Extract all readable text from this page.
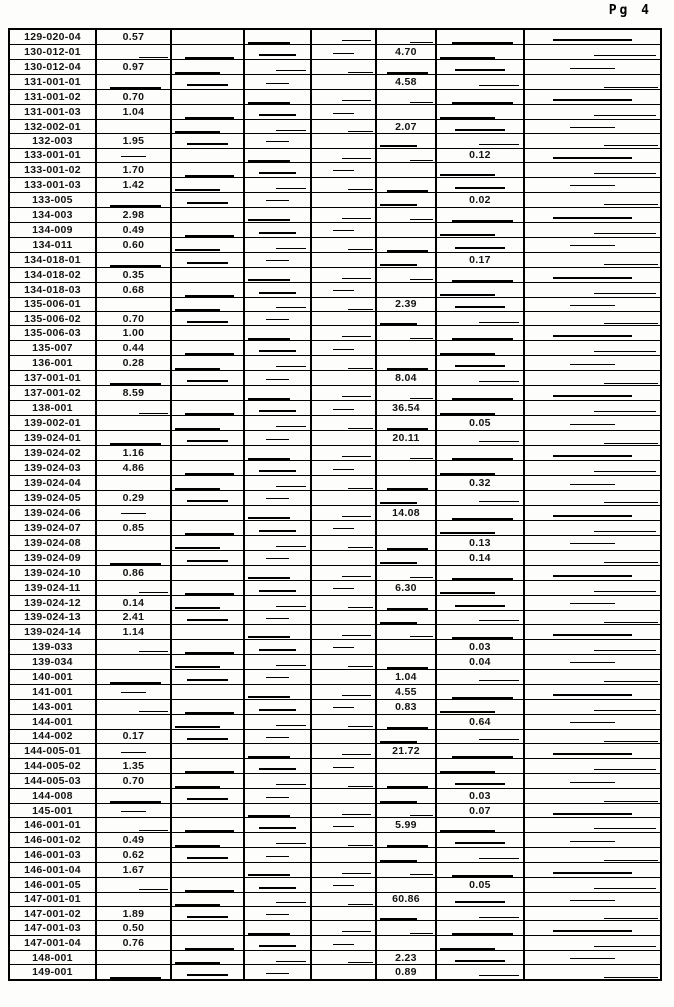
Pg 4
129-020-04	0.57						
130-012-01					4.70		
130-012-04	0.97						
131-001-01					4.58		
131-001-02	0.70						
131-001-03	1.04						
132-002-01					2.07		
132-003	1.95						
133-001-01						0.12	
133-001-02	1.70						
133-001-03	1.42						
133-005						0.02	
134-003	2.98						
134-009	0.49						
134-011	0.60						
134-018-01						0.17	
134-018-02	0.35						
134-018-03	0.68						
135-006-01					2.39		
135-006-02	0.70						
135-006-03	1.00						
135-007	0.44						
136-001	0.28						
137-001-01					8.04		
137-001-02	8.59						
138-001					36.54		
139-002-01						0.05	
139-024-01					20.11		
139-024-02	1.16						
139-024-03	4.86						
139-024-04						0.32	
139-024-05	0.29						
139-024-06					14.08		
139-024-07	0.85						
139-024-08						0.13	
139-024-09						0.14	
139-024-10	0.86						
139-024-11					6.30		
139-024-12	0.14						
139-024-13	2.41						
139-024-14	1.14						
139-033						0.03	
139-034						0.04	
140-001					1.04		
141-001					4.55		
143-001					0.83		
144-001						0.64	
144-002	0.17						
144-005-01					21.72		
144-005-02	1.35						
144-005-03	0.70						
144-008						0.03	
145-001						0.07	
146-001-01					5.99		
146-001-02	0.49						
146-001-03	0.62						
146-001-04	1.67						
146-001-05						0.05	
147-001-01					60.86		
147-001-02	1.89						
147-001-03	0.50						
147-001-04	0.76						
148-001					2.23		
149-001					0.89		
